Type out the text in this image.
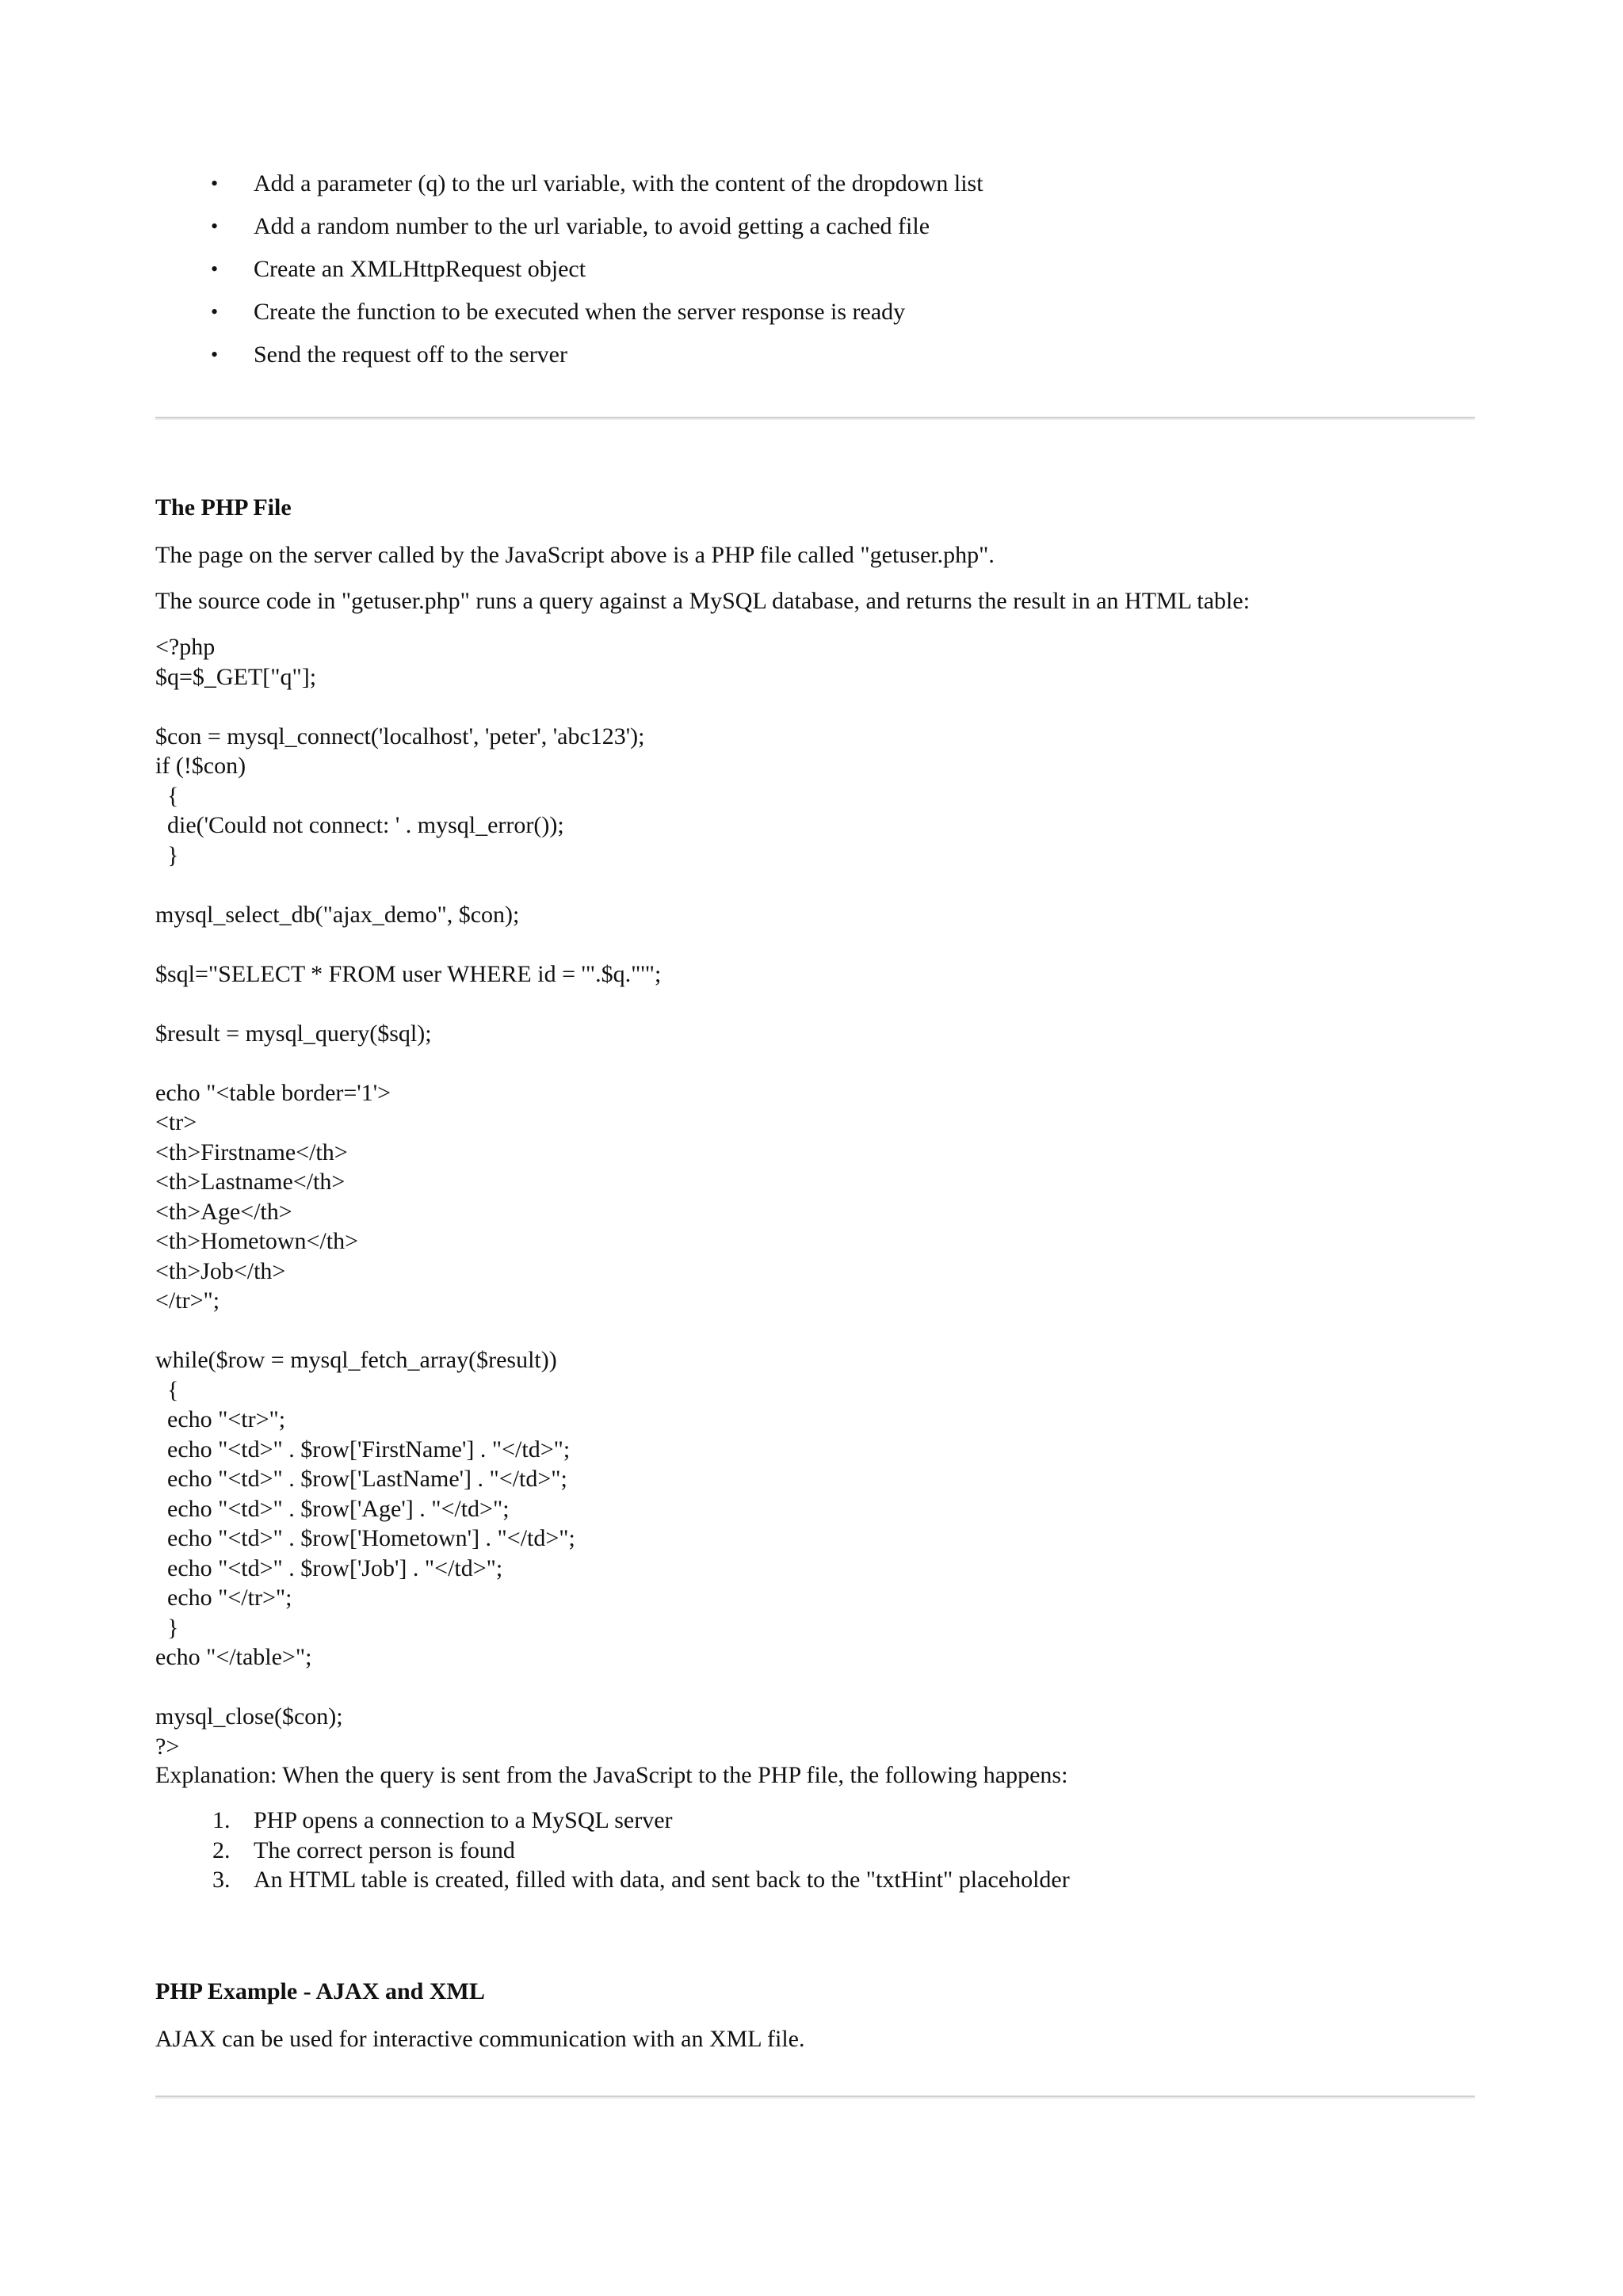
•	Add a parameter (q) to the url variable, with the content of the dropdown list
•	Add a random number to the url variable, to avoid getting a cached file
•	Create an XMLHttpRequest object
•	Create the function to be executed when the server response is ready
•	Send the request off to the server
The PHP File

The page on the server called by the JavaScript above is a PHP file called "getuser.php".

The source code in "getuser.php" runs a query against a MySQL database, and returns the result in an HTML table:

<?php
$q=$_GET["q"];

$con = mysql_connect('localhost', 'peter', 'abc123');
if (!$con)
{
die('Could not connect: ' . mysql_error());
}

mysql_select_db("ajax_demo", $con);

$sql="SELECT * FROM user WHERE id = '".$q."'";

$result = mysql_query($sql);

echo "<table border='1'>
<tr>
<th>Firstname</th>
<th>Lastname</th>
<th>Age</th>
<th>Hometown</th>
<th>Job</th>
</tr>";

while($row = mysql_fetch_array($result))
{
echo "<tr>";
echo "<td>" . $row['FirstName'] . "</td>";
echo "<td>" . $row['LastName'] . "</td>";
echo "<td>" . $row['Age'] . "</td>";
echo "<td>" . $row['Hometown'] . "</td>";
echo "<td>" . $row['Job'] . "</td>";
echo "</tr>";
}
echo "</table>";

mysql_close($con);
?>

Explanation: When the query is sent from the JavaScript to the PHP file, the following happens:

1. PHP opens a connection to a MySQL server
2. The correct person is found
3. An HTML table is created, filled with data, and sent back to the "txtHint" placeholder
PHP Example - AJAX and XML

AJAX can be used for interactive communication with an XML file.
